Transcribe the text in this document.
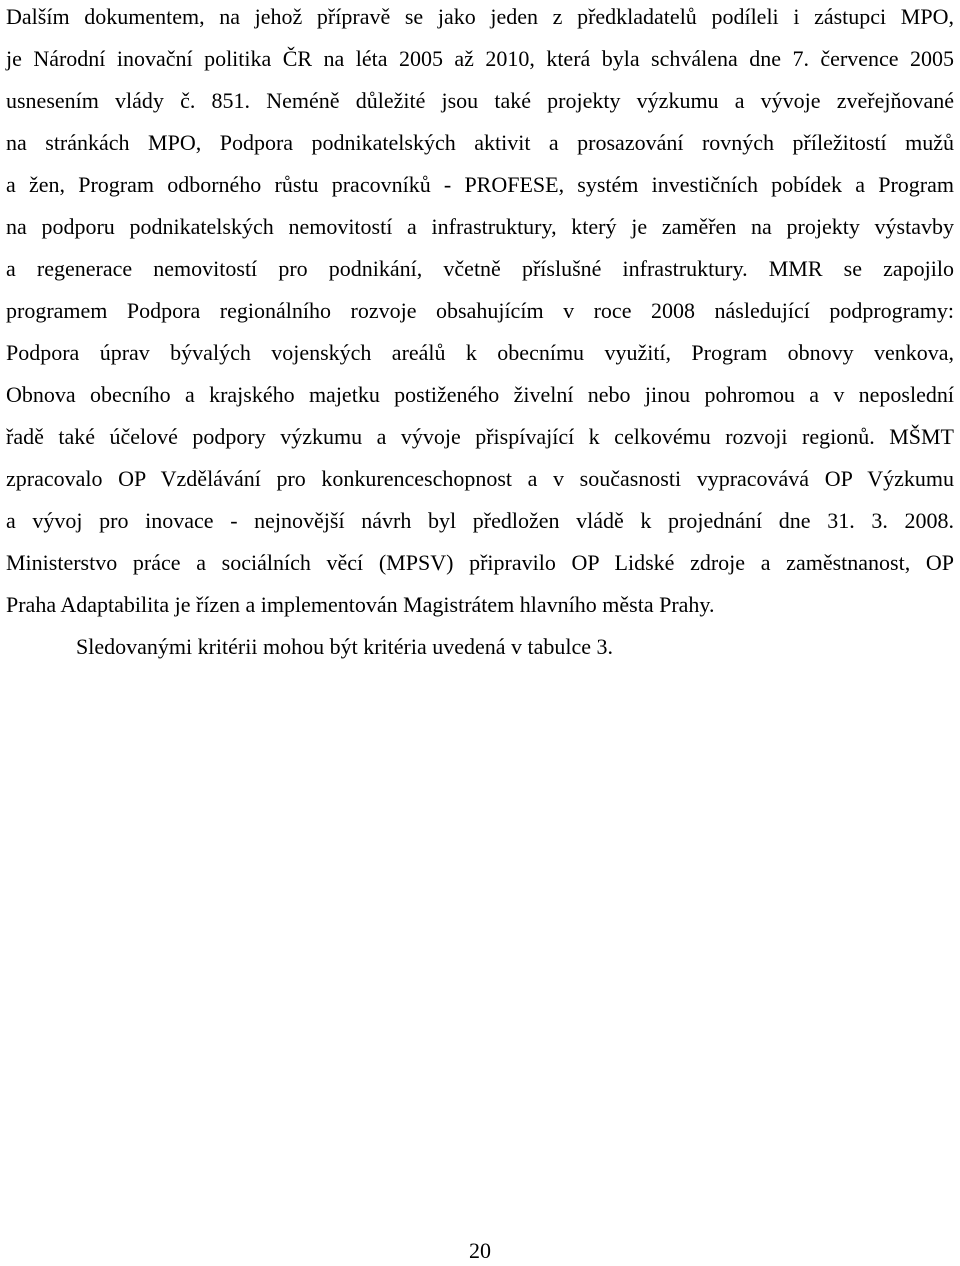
Dalším dokumentem, na jehož přípravě se jako jeden z předkladatelů podíleli i zástupci MPO,
je Národní inovační politika ČR na léta 2005 až 2010, která byla schválena dne 7. července 2005
usnesením vlády č. 851. Neméně důležité jsou také projekty výzkumu a vývoje zveřejňované
na stránkách MPO, Podpora podnikatelských aktivit a prosazování rovných příležitostí mužů
a žen, Program odborného růstu pracovníků - PROFESE, systém investičních pobídek a Program
na podporu podnikatelských nemovitostí a infrastruktury, který je zaměřen na projekty výstavby
a regenerace nemovitostí pro podnikání, včetně příslušné infrastruktury. MMR se zapojilo
programem Podpora regionálního rozvoje obsahujícím v roce 2008 následující podprogramy:
Podpora úprav bývalých vojenských areálů k obecnímu využití, Program obnovy venkova,
Obnova obecního a krajského majetku postiženého živelní nebo jinou pohromou a v neposlední
řadě také účelové podpory výzkumu a vývoje přispívající k celkovému rozvoji regionů. MŠMT
zpracovalo OP Vzdělávání pro konkurenceschopnost a v současnosti vypracovává OP Výzkumu
a vývoj pro inovace - nejnovější návrh byl předložen vládě k projednání dne 31. 3. 2008.
Ministerstvo práce a sociálních věcí (MPSV) připravilo OP Lidské zdroje a zaměstnanost, OP
Praha Adaptabilita je řízen a implementován Magistrátem hlavního města Prahy.
Sledovanými kritérii mohou být kritéria uvedená v tabulce 3.
20
